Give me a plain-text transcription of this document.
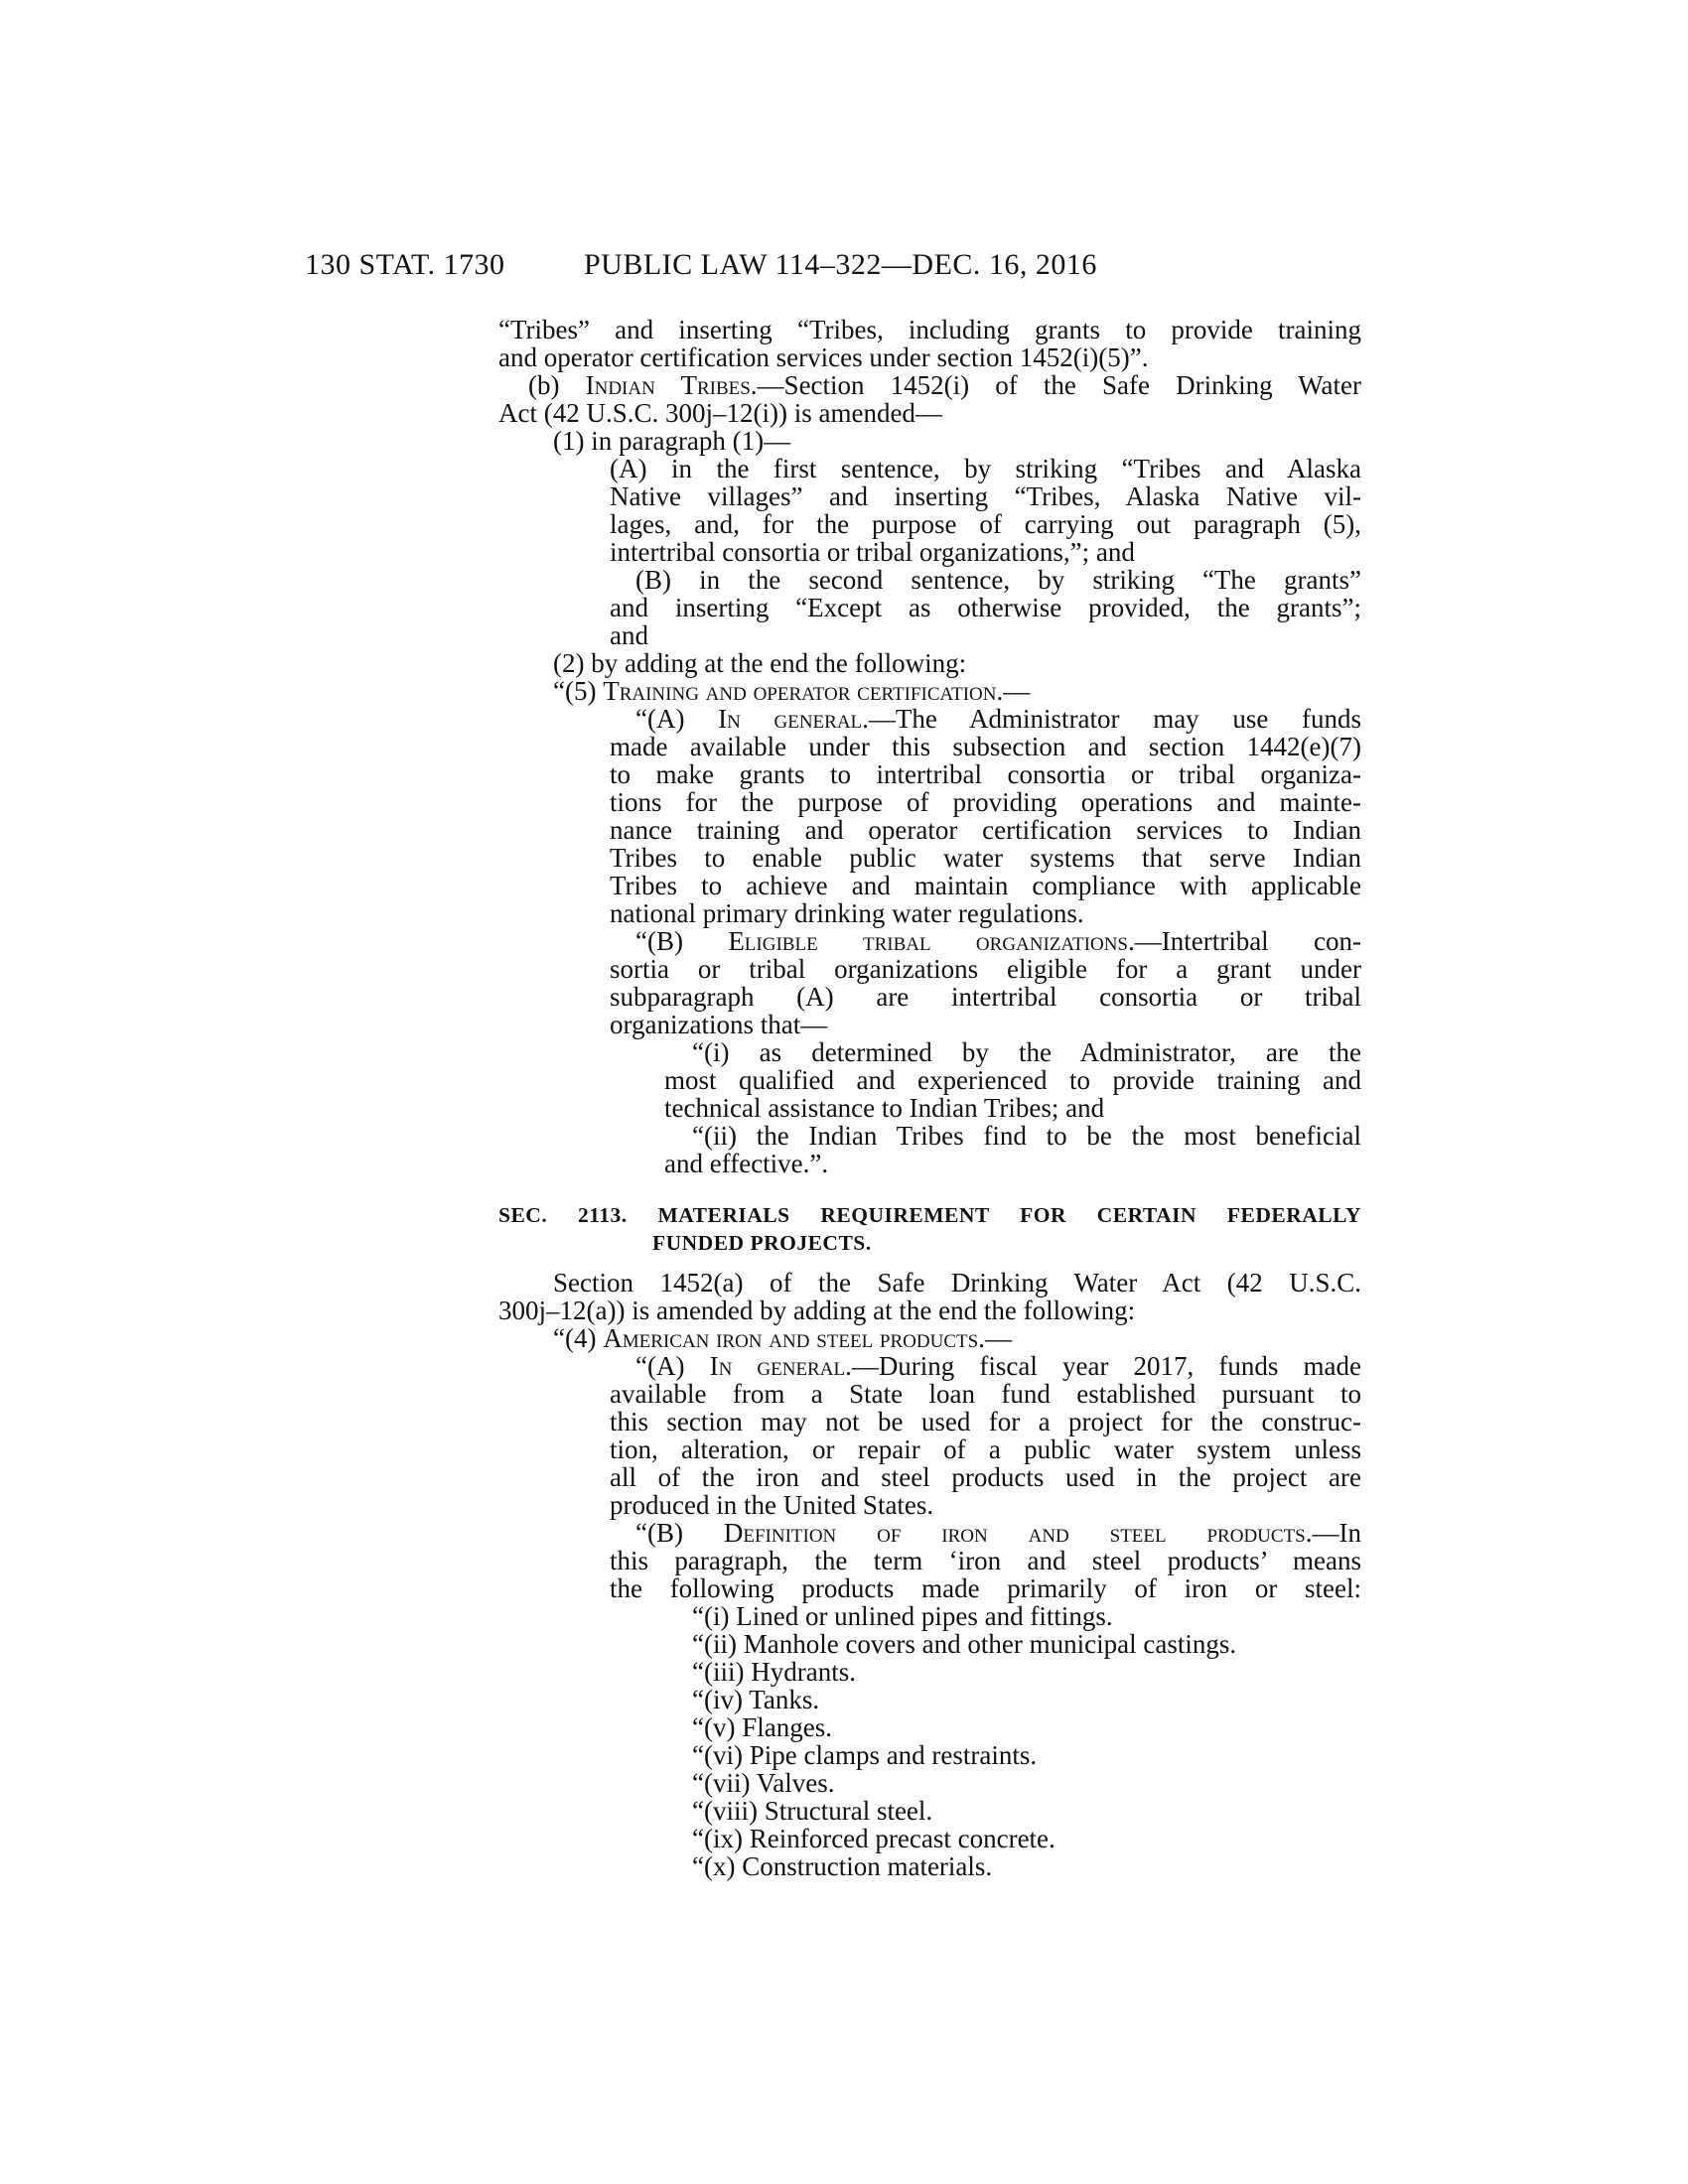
130 STAT. 1730	PUBLIC LAW 114–322—DEC. 16, 2016
“Tribes” and inserting “Tribes, including grants to provide training
and operator certification services under section 1452(i)(5)”.
(b) Indian Tribes.—Section 1452(i) of the Safe Drinking Water
Act (42 U.S.C. 300j–12(i)) is amended—
(1) in paragraph (1)—
(A) in the first sentence, by striking “Tribes and Alaska
Native villages” and inserting “Tribes, Alaska Native vil-
lages, and, for the purpose of carrying out paragraph (5),
intertribal consortia or tribal organizations,”; and
(B) in the second sentence, by striking “The grants”
and inserting “Except as otherwise provided, the grants”;
and
(2) by adding at the end the following:
“(5) Training and operator certification.—
“(A) In general.—The Administrator may use funds
made available under this subsection and section 1442(e)(7)
to make grants to intertribal consortia or tribal organiza-
tions for the purpose of providing operations and mainte-
nance training and operator certification services to Indian
Tribes to enable public water systems that serve Indian
Tribes to achieve and maintain compliance with applicable
national primary drinking water regulations.
“(B) Eligible tribal organizations.—Intertribal con-
sortia or tribal organizations eligible for a grant under
subparagraph (A) are intertribal consortia or tribal
organizations that—
“(i) as determined by the Administrator, are the
most qualified and experienced to provide training and
technical assistance to Indian Tribes; and
“(ii) the Indian Tribes find to be the most beneficial
and effective.”.
SEC. 2113. MATERIALS REQUIREMENT FOR CERTAIN FEDERALLY
FUNDED PROJECTS.
Section 1452(a) of the Safe Drinking Water Act (42 U.S.C.
300j–12(a)) is amended by adding at the end the following:
“(4) American iron and steel products.—
“(A) In general.—During fiscal year 2017, funds made
available from a State loan fund established pursuant to
this section may not be used for a project for the construc-
tion, alteration, or repair of a public water system unless
all of the iron and steel products used in the project are
produced in the United States.
“(B) Definition of iron and steel products.—In
this paragraph, the term ‘iron and steel products’ means
the following products made primarily of iron or steel:
“(i) Lined or unlined pipes and fittings.
“(ii) Manhole covers and other municipal castings.
“(iii) Hydrants.
“(iv) Tanks.
“(v) Flanges.
“(vi) Pipe clamps and restraints.
“(vii) Valves.
“(viii) Structural steel.
“(ix) Reinforced precast concrete.
“(x) Construction materials.
